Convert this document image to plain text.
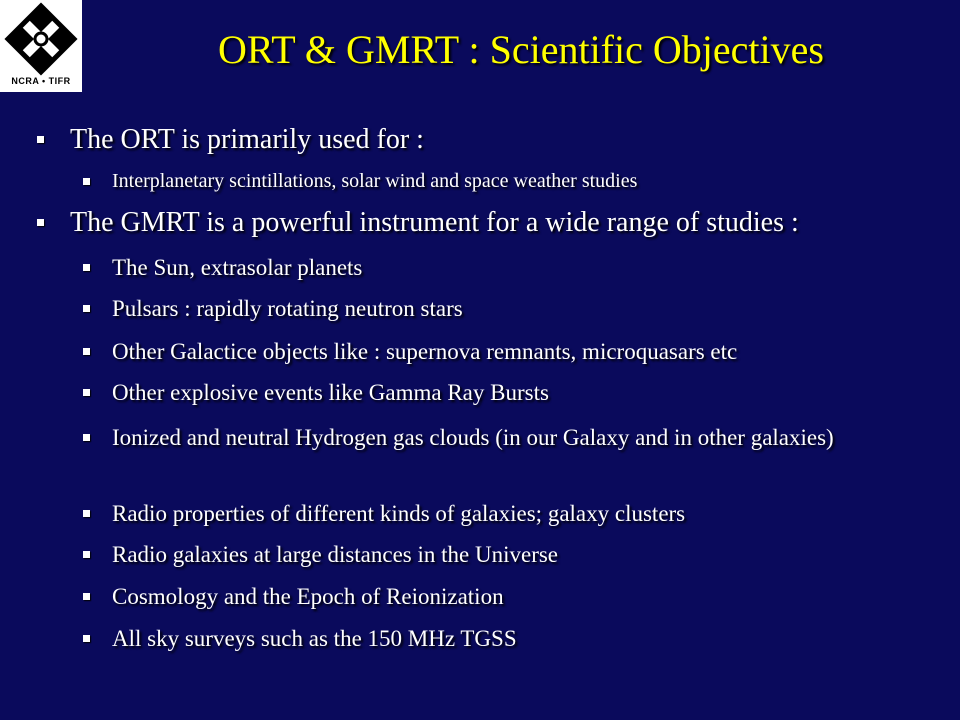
NCRA • TIFR
ORT & GMRT : Scientific Objectives
The ORT is primarily used for :
Interplanetary scintillations, solar wind and space weather studies
The GMRT is a powerful instrument for a wide range of studies :
The Sun, extrasolar planets
Pulsars : rapidly rotating neutron stars
Other Galactice objects like : supernova remnants, microquasars etc
Other explosive events like Gamma Ray Bursts
Ionized and neutral Hydrogen gas clouds (in our Galaxy and in other galaxies)
Radio properties of different kinds of galaxies; galaxy clusters
Radio galaxies at large distances in the Universe
Cosmology and the Epoch of Reionization
All sky surveys such as the 150 MHz TGSS
